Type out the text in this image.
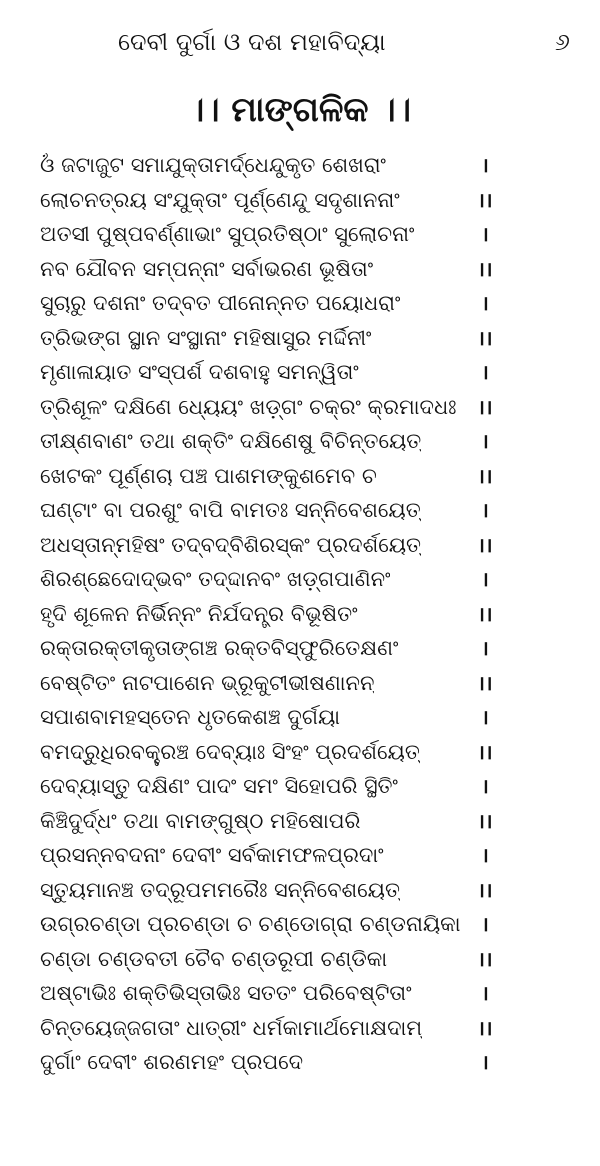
ଦେବୀ ଦୁର୍ଗା ଓ ଦଶ ମହାବିଦ୍ୟା	୬
।। ମାଙ୍ଗଳିକ ।।
ଓଁ ଜଟାଜୁଟ ସମାଯୁକ୍ତାମର୍ଦ୍ଧେନ୍ଦୁକୃତ ଶେଖରାଂ	।
ଲୋଚନତ୍ରୟ ସଂଯୁକ୍ତାଂ ପୂର୍ଣ୍ଣେନ୍ଦୁ ସଦୃଶାନନାଂ	।।
ଅତସୀ ପୁଷ୍ପବର୍ଣ୍ଣାଭାଂ ସୁପ୍ରତିଷ୍ଠାଂ ସୁଲୋଚନାଂ	।
ନବ ଯୌବନ ସମ୍ପନ୍ନାଂ ସର୍ବାଭରଣ ଭୂଷିତାଂ	।।
ସୁଚାରୁ ଦଶନାଂ ତଦ୍‌ବତ ପୀନୋନ୍ନତ ପୟୋଧରାଂ	।
ତ୍ରିଭଙ୍ଗ ସ୍ଥାନ ସଂସ୍ଥାନାଂ ମହିଷାସୁର ମର୍ଦ୍ଦିନୀଂ	।।
ମୃଣାଳାୟାତ ସଂସ୍ପର୍ଶ ଦଶବାହୁ ସମନ୍ୱିତାଂ	।
ତ୍ରିଶୂଳଂ ଦକ୍ଷିଣେ ଧ୍ୟେୟଂ ଖଡ଼୍‌ଗଂ ଚକ୍ରଂ କ୍ରମାଦଧଃ	।।
ତୀକ୍ଷ୍ଣବାଣଂ ତଥା ଶକ୍ତିଂ ଦକ୍ଷିଣେଷୁ ବିଚିନ୍ତୟେତ୍	।
ଖେଟକଂ ପୂର୍ଣ୍ଣଚା ପଞ୍ଚ ପାଶମଙ୍କୁଶମେବ ଚ	।।
ଘଣ୍ଟାଂ ବା ପରଶୁଂ ବାପି ବାମତଃ ସନ୍ନିବେଶୟେତ୍	।
ଅଧସ୍ତାନ୍ମହିଷଂ ତଦ୍‌ବଦ୍‌ବିଶିରସ୍କଂ ପ୍ରଦର୍ଶୟେତ୍	।।
ଶିରଶ୍ଛେଦୋଦ୍‌ଭବଂ ତଦ୍‌ଦ୍ଦାନବଂ ଖଡ଼୍‌ଗପାଣିନଂ	।
ହୃଦି ଶୂଳେନ ନିର୍ଭିନ୍ନଂ ନିର୍ଯଦନ୍ତ୍ର ବିଭୂଷିତଂ	।।
ରକ୍ତାରକ୍ତୀକୃତାଙ୍ଗଞ୍ଚ ରକ୍ତବିସ୍ଫୁରିତେକ୍ଷଣଂ	।
ବେଷ୍ଟିତଂ ନାଟପାଶେନ ଭ୍ରୂକୁଟୀଭୀଷଣାନନ୍	।।
ସପାଶବାମହସ୍ତେନ ଧୃତକେଶଞ୍ଚ ଦୁର୍ଗୟା	।
ବମଦ୍ରୁଧିରବକ୍ତ୍ରଞ୍ଚ ଦେବ୍ୟାଃ ସିଂହଂ ପ୍ରଦର୍ଶୟେତ୍	।।
ଦେବ୍ୟାସ୍ତୁ ଦକ୍ଷିଣଂ ପାଦଂ ସମଂ ସିହୋପରି ସ୍ଥିତିଂ	।
କିଞ୍ଚିଦୁର୍ଦ୍ଧଂ ତଥା ବାମଙ୍ଗୁଷ୍ଠ ମହିଷୋପରି	।।
ପ୍ରସନ୍ନବଦନାଂ ଦେବୀଂ ସର୍ବକାମଫଳପ୍ରଦାଂ	।
ସ୍ତୁୟମାନଞ୍ଚ ତଦ୍ରୂପମମରୈଃ ସନ୍ନିବେଶୟେତ୍	।।
ଉଗ୍ରଚଣ୍ଡା ପ୍ରଚଣ୍ଡା ଚ ଚଣ୍ଡୋଗ୍ରା ଚଣ୍ଡନାୟିକା	।
ଚଣ୍ଡା ଚଣ୍ଡବତୀ ଚୈବ ଚଣ୍ଡରୂପୀ ଚଣ୍ଡିକା	।।
ଅଷ୍ଟାଭିଃ ଶକ୍ତିଭିସ୍ତାଭିଃ ସତତଂ ପରିବେଷ୍ଟିତାଂ	।
ଚିନ୍ତୟେଜ୍ଜଗତାଂ ଧାତ୍ରୀଂ ଧର୍ମକାମାର୍ଥମୋକ୍ଷଦାମ୍	।।
ଦୁର୍ଗାଂ ଦେବୀଂ ଶରଣମହଂ ପ୍ରପଦେ	।
